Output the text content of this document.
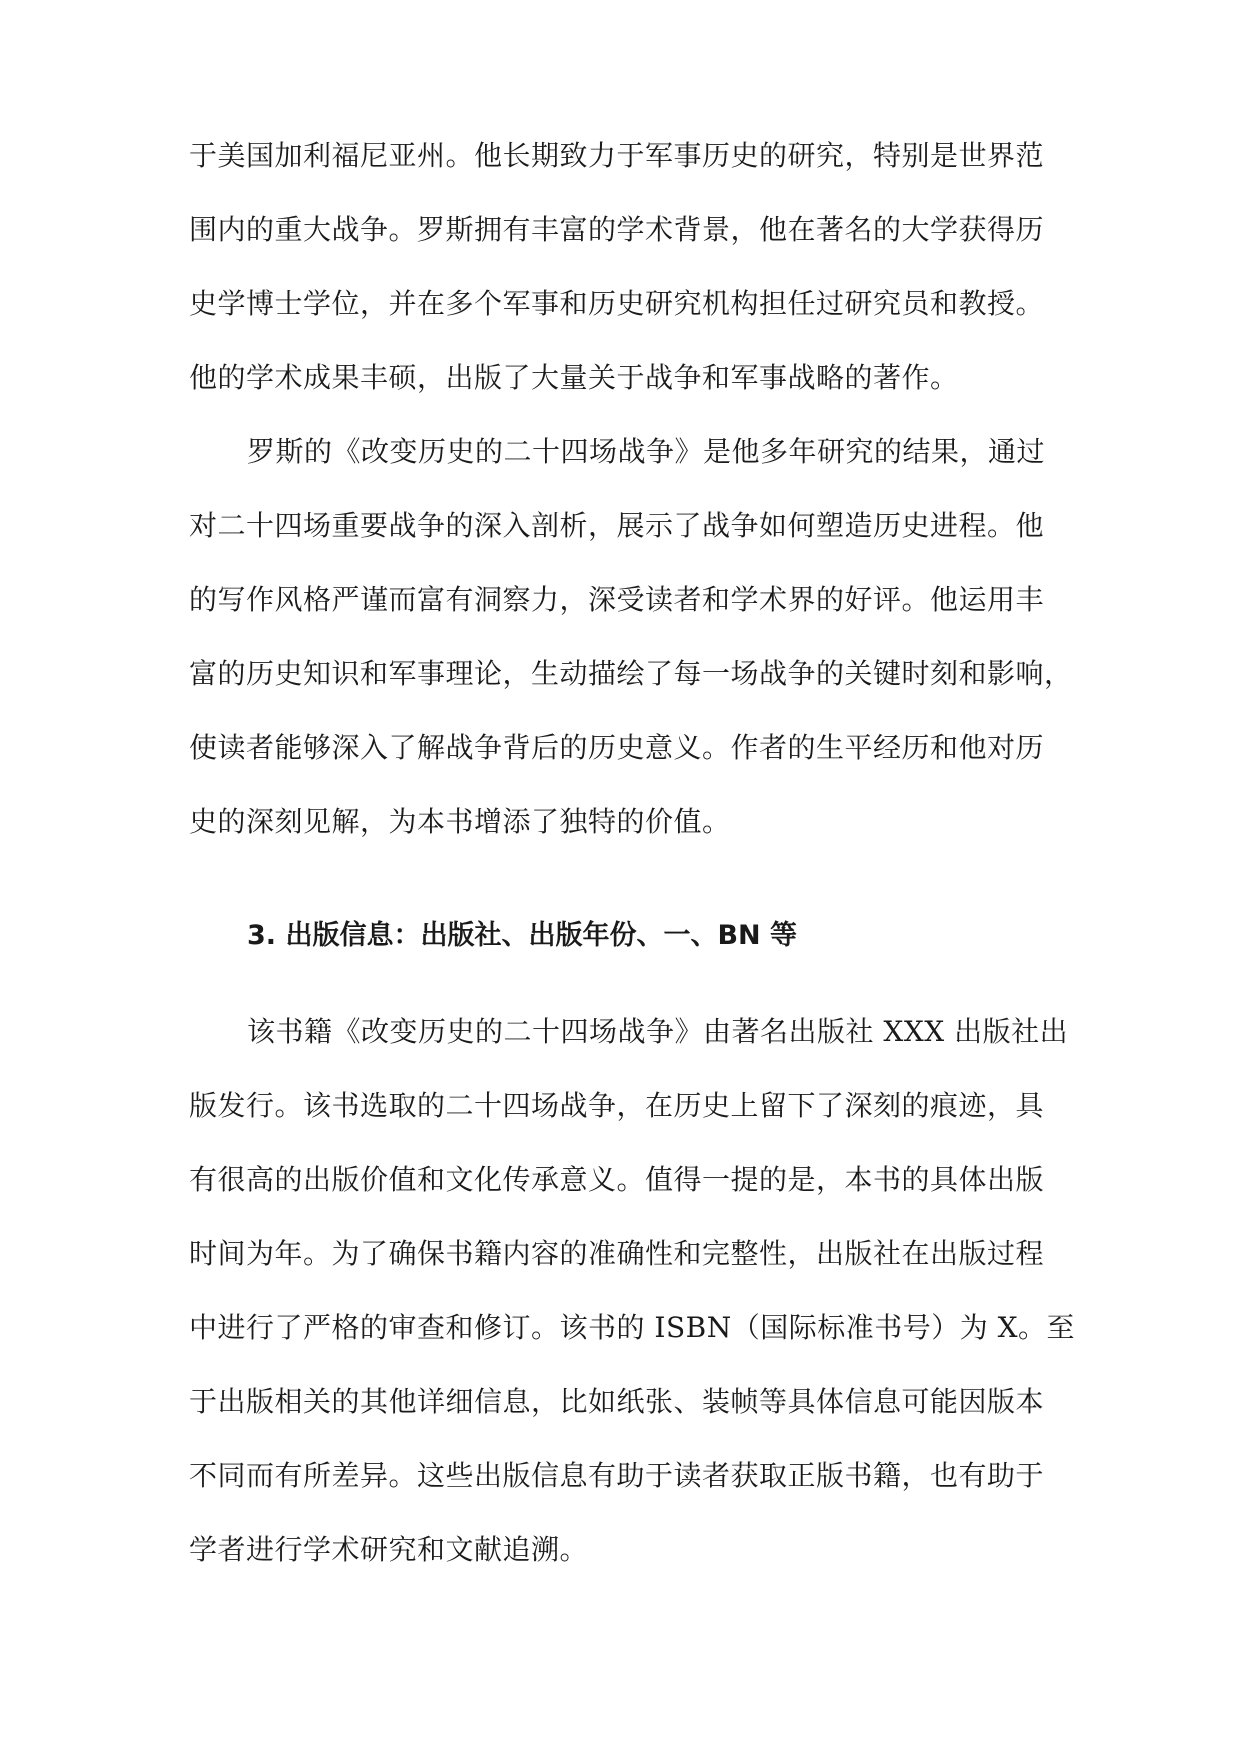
于美国加利福尼亚州。他长期致力于军事历史的研究，特别是世界范
围内的重大战争。罗斯拥有丰富的学术背景，他在著名的大学获得历
史学博士学位，并在多个军事和历史研究机构担任过研究员和教授。
他的学术成果丰硕，出版了大量关于战争和军事战略的著作。
罗斯的《改变历史的二十四场战争》是他多年研究的结果，通过
对二十四场重要战争的深入剖析，展示了战争如何塑造历史进程。他
的写作风格严谨而富有洞察力，深受读者和学术界的好评。他运用丰
富的历史知识和军事理论，生动描绘了每一场战争的关键时刻和影响，
使读者能够深入了解战争背后的历史意义。作者的生平经历和他对历
史的深刻见解，为本书增添了独特的价值。
3. 出版信息：出版社、出版年份、一、BN 等
该书籍《改变历史的二十四场战争》由著名出版社 XXX 出版社出
版发行。该书选取的二十四场战争，在历史上留下了深刻的痕迹，具
有很高的出版价值和文化传承意义。值得一提的是，本书的具体出版
时间为年。为了确保书籍内容的准确性和完整性，出版社在出版过程
中进行了严格的审查和修订。该书的 ISBN（国际标准书号）为 X。至
于出版相关的其他详细信息，比如纸张、装帧等具体信息可能因版本
不同而有所差异。这些出版信息有助于读者获取正版书籍，也有助于
学者进行学术研究和文献追溯。
